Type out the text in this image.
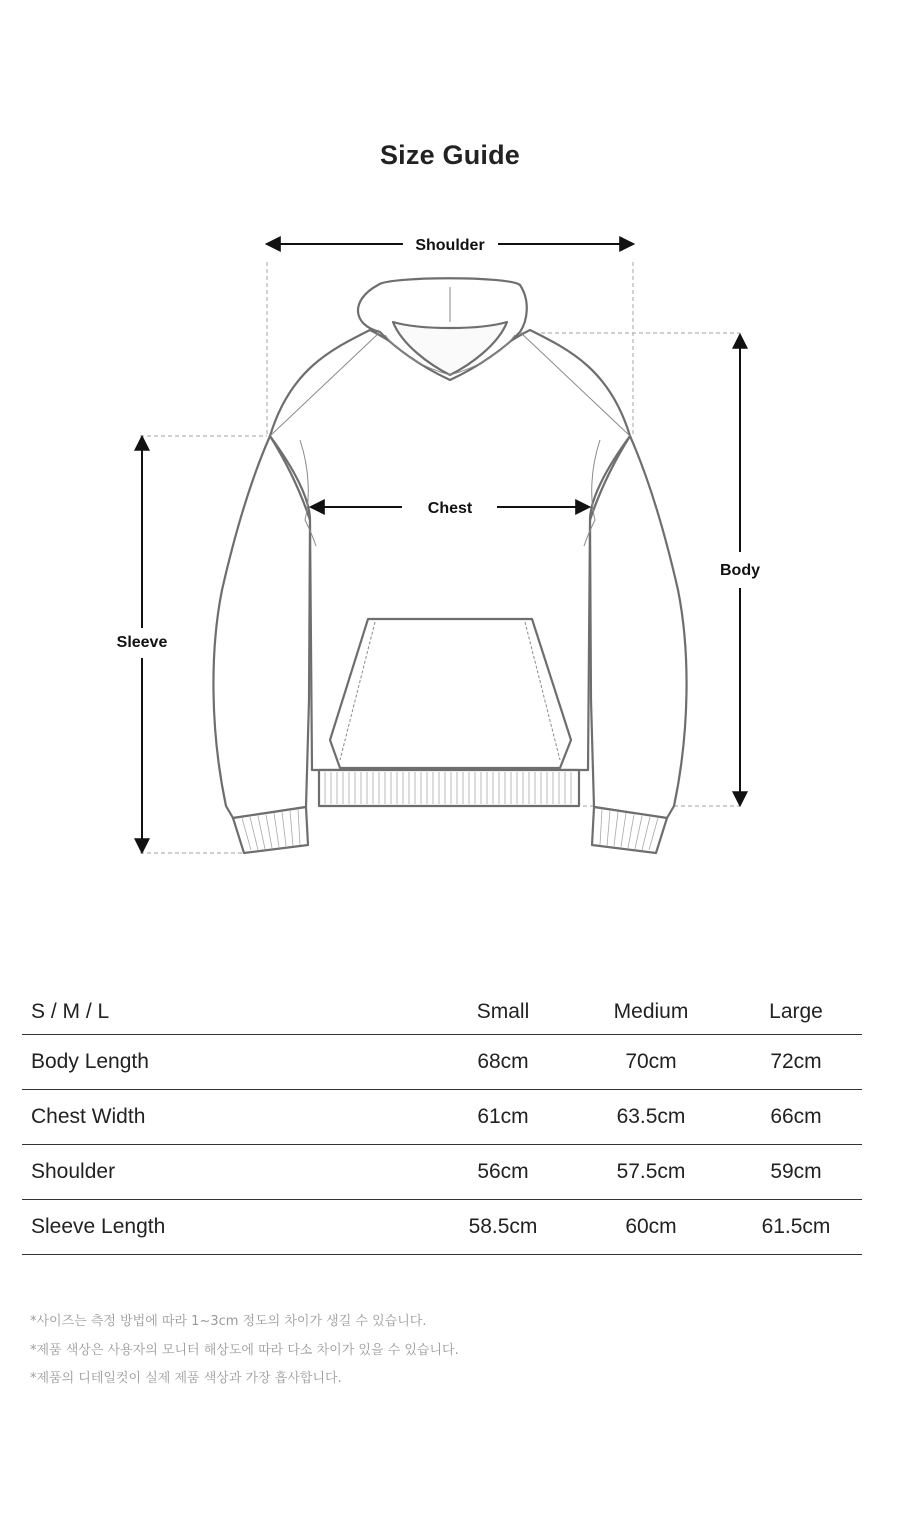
Size Guide
Shoulder
Chest
Body
Sleeve
S / M / L	Small	Medium	Large
Body Length	68cm	70cm	72cm
Chest Width	61cm	63.5cm	66cm
Shoulder	56cm	57.5cm	59cm
Sleeve Length	58.5cm	60cm	61.5cm

*사이즈는 측정 방법에 따라 1~3cm 정도의 차이가 생길 수 있습니다.

*제품 색상은 사용자의 모니터 해상도에 따라 다소 차이가 있을 수 있습니다.

*제품의 디테일컷이 실제 제품 색상과 가장 흡사합니다.
